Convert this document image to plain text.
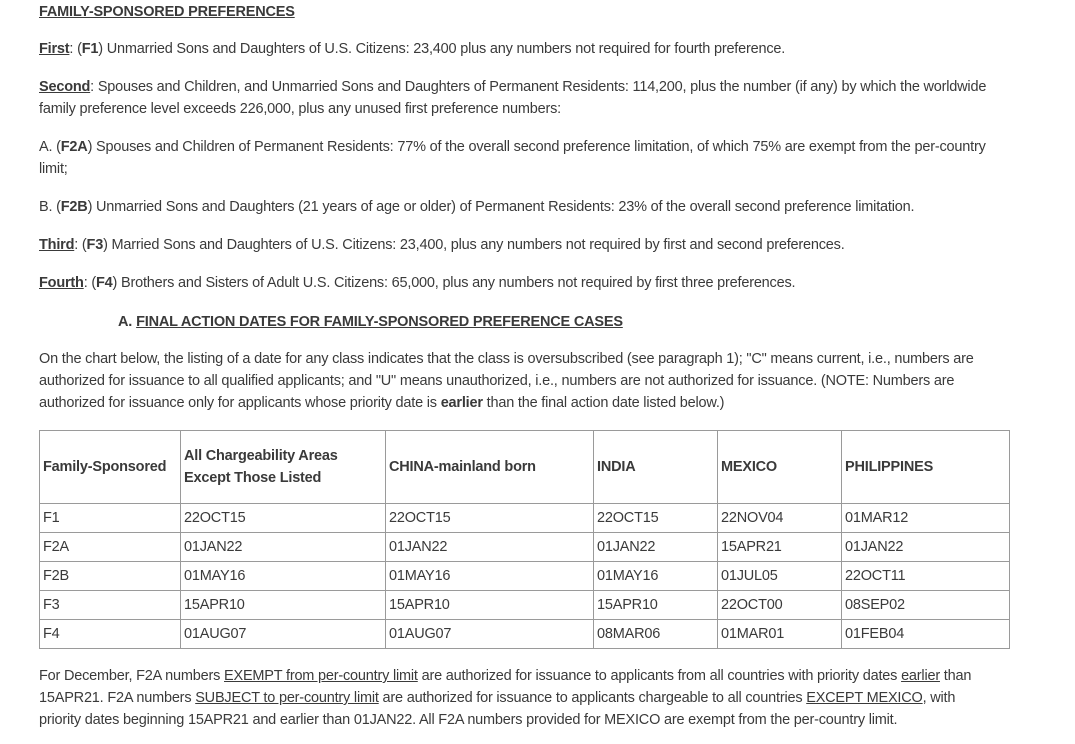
FAMILY-SPONSORED PREFERENCES

First: (F1) Unmarried Sons and Daughters of U.S. Citizens: 23,400 plus any numbers not required for fourth preference.

Second: Spouses and Children, and Unmarried Sons and Daughters of Permanent Residents: 114,200, plus the number (if any) by which the worldwide family preference level exceeds 226,000, plus any unused first preference numbers:

A. (F2A) Spouses and Children of Permanent Residents: 77% of the overall second preference limitation, of which 75% are exempt from the per-country limit;

B. (F2B) Unmarried Sons and Daughters (21 years of age or older) of Permanent Residents: 23% of the overall second preference limitation.

Third: (F3) Married Sons and Daughters of U.S. Citizens: 23,400, plus any numbers not required by first and second preferences.

Fourth: (F4) Brothers and Sisters of Adult U.S. Citizens: 65,000, plus any numbers not required by first three preferences.

A. FINAL ACTION DATES FOR FAMILY-SPONSORED PREFERENCE CASES

On the chart below, the listing of a date for any class indicates that the class is oversubscribed (see paragraph 1); "C" means current, i.e., numbers are authorized for issuance to all qualified applicants; and "U" means unauthorized, i.e., numbers are not authorized for issuance. (NOTE: Numbers are authorized for issuance only for applicants whose priority date is earlier than the final action date listed below.)

Family-Sponsored	All Chargeability Areas Except Those Listed	CHINA-mainland born	INDIA	MEXICO	PHILIPPINES
F1	22OCT15	22OCT15	22OCT15	22NOV04	01MAR12
F2A	01JAN22	01JAN22	01JAN22	15APR21	01JAN22
F2B	01MAY16	01MAY16	01MAY16	01JUL05	22OCT11
F3	15APR10	15APR10	15APR10	22OCT00	08SEP02
F4	01AUG07	01AUG07	08MAR06	01MAR01	01FEB04

For December, F2A numbers EXEMPT from per-country limit are authorized for issuance to applicants from all countries with priority dates earlier than 15APR21. F2A numbers SUBJECT to per-country limit are authorized for issuance to applicants chargeable to all countries EXCEPT MEXICO, with priority dates beginning 15APR21 and earlier than 01JAN22. All F2A numbers provided for MEXICO are exempt from the per-country limit.
